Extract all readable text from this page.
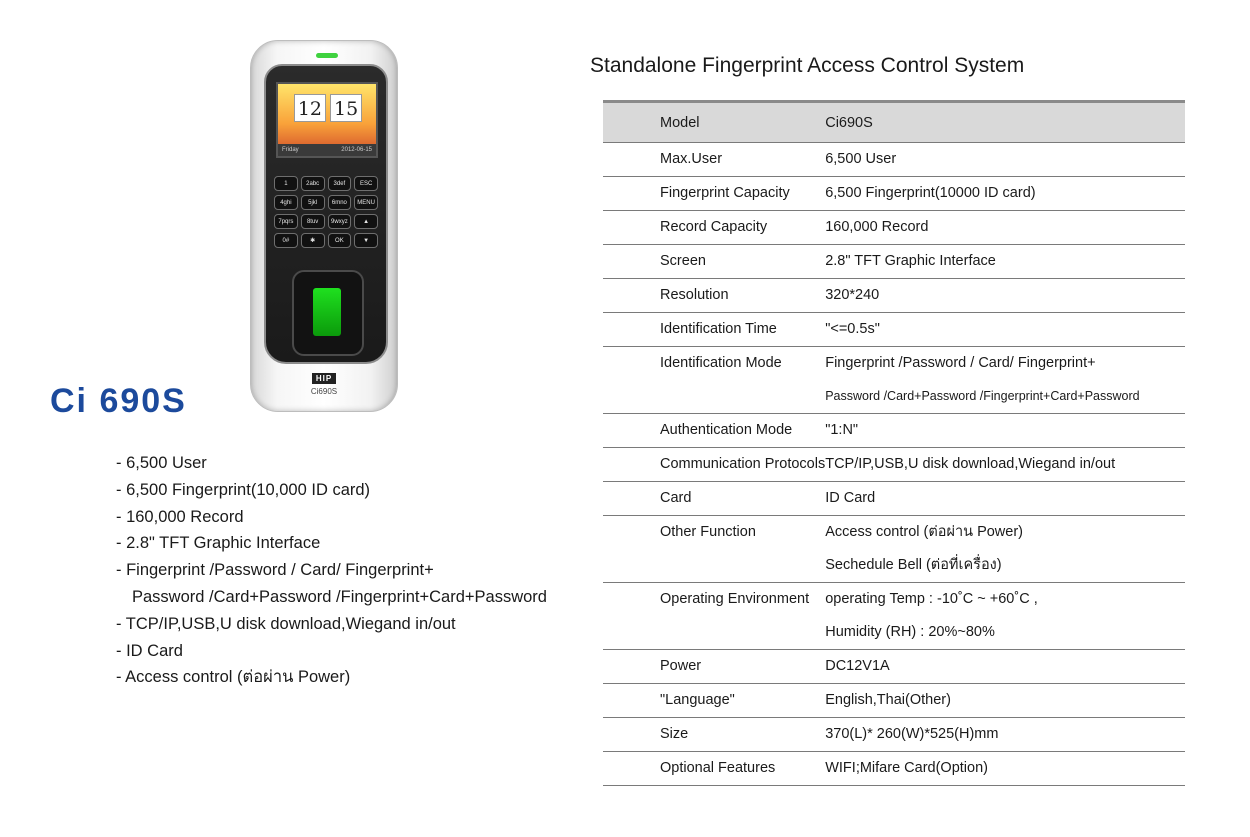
12 15
Friday	2012-06-15
1	2abc	3def	ESC
4ghi	5jkl	6mno	MENU
7pqrs	8tuv	9wxyz	▲
0#	✱	OK	▼
HIP
Ci690S
Ci 690S
- 6,500 User
- 6,500 Fingerprint(10,000 ID card)
- 160,000 Record
- 2.8" TFT Graphic Interface
- Fingerprint /Password / Card/ Fingerprint+
Password /Card+Password /Fingerprint+Card+Password
- TCP/IP,USB,U disk download,Wiegand in/out
- ID Card
- Access control (ต่อผ่าน Power)
Standalone Fingerprint Access Control System
Model	Ci690S

Max.User	6,500 User

Fingerprint Capacity	6,500 Fingerprint(10000 ID card)

Record Capacity	160,000 Record

Screen	2.8" TFT Graphic Interface

Resolution	320*240

Identification Time	"<=0.5s"

Identification Mode	Fingerprint /Password / Card/ Fingerprint+
Password /Card+Password /Fingerprint+Card+Password

Authentication Mode	"1:N"

Communication Protocols	TCP/IP,USB,U disk download,Wiegand in/out

Card	ID Card

Other Function	Access control (ต่อผ่าน Power)
Sechedule Bell (ต่อที่เครื่อง)

Operating Environment	operating Temp : -10˚C ~ +60˚C ,
Humidity (RH) : 20%~80%

Power	DC12V1A

"Language"	English,Thai(Other)

Size	370(L)* 260(W)*525(H)mm

Optional Features	WIFI;Mifare Card(Option)
